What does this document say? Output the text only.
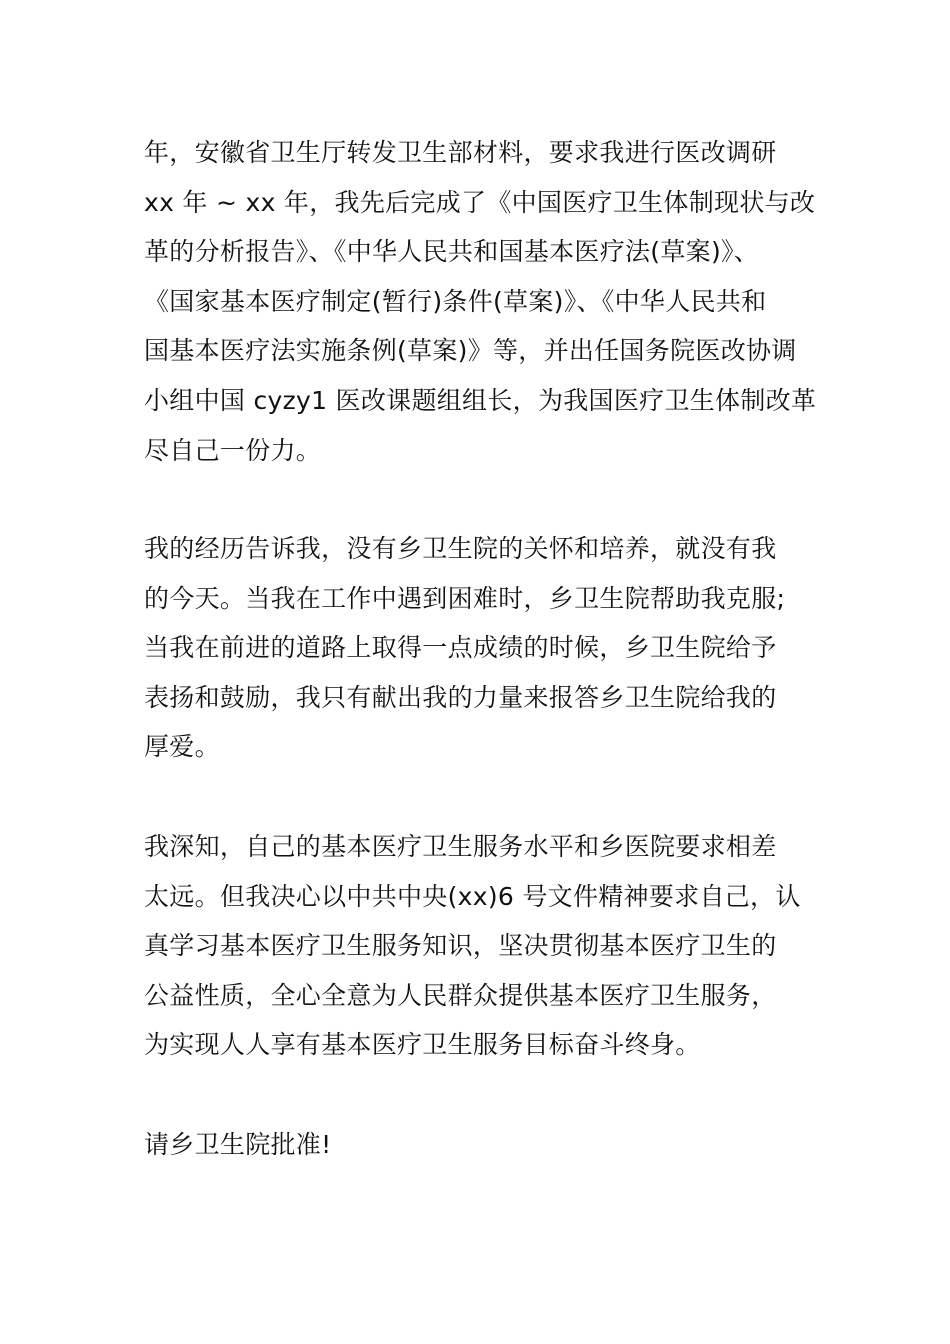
年，安徽省卫生厅转发卫生部材料，要求我进行医改调研
xx 年 ~ xx 年，我先后完成了《中国医疗卫生体制现状与改
革的分析报告》、《中华人民共和国基本医疗法(草案)》、
《国家基本医疗制定(暂行)条件(草案)》、《中华人民共和
国基本医疗法实施条例(草案)》等，并出任国务院医改协调
小组中国 cyzy1 医改课题组组长，为我国医疗卫生体制改革
尽自己一份力。
我的经历告诉我，没有乡卫生院的关怀和培养，就没有我
的今天。当我在工作中遇到困难时，乡卫生院帮助我克服;
当我在前进的道路上取得一点成绩的时候，乡卫生院给予
表扬和鼓励，我只有献出我的力量来报答乡卫生院给我的
厚爱。
我深知，自己的基本医疗卫生服务水平和乡医院要求相差
太远。但我决心以中共中央(xx)6 号文件精神要求自己，认
真学习基本医疗卫生服务知识，坚决贯彻基本医疗卫生的
公益性质，全心全意为人民群众提供基本医疗卫生服务，
为实现人人享有基本医疗卫生服务目标奋斗终身。
请乡卫生院批准!
